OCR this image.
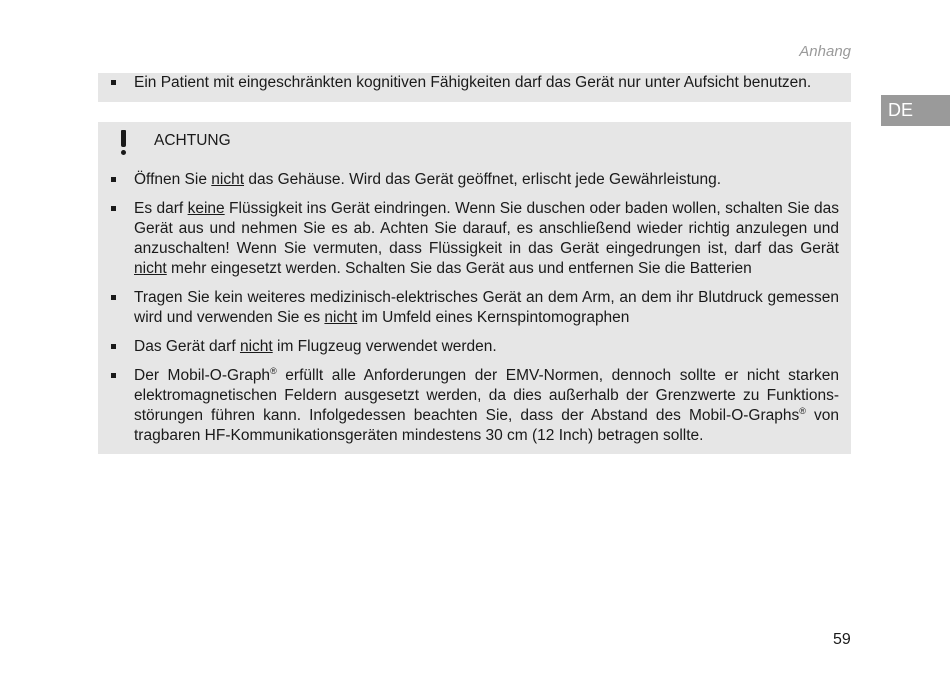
Anhang
DE
Ein Patient mit eingeschränkten kognitiven Fähigkeiten darf das Gerät nur unter Aufsicht benutzen.
ACHTUNG
Öffnen Sie nicht das Gehäuse. Wird das Gerät geöffnet, erlischt jede Gewährleistung.
Es darf keine Flüssigkeit ins Gerät eindringen. Wenn Sie duschen oder baden wollen, schalten Sie das Gerät aus und nehmen Sie es ab. Achten Sie darauf, es anschließend wieder richtig anzulegen und anzuschalten! Wenn Sie vermuten, dass Flüssigkeit in das Gerät eingedrungen ist, darf das Gerät nicht mehr eingesetzt werden. Schalten Sie das Gerät aus und entfernen Sie die Batterien
Tragen Sie kein weiteres medizinisch-elektrisches Gerät an dem Arm, an dem ihr Blutdruck gemessen wird und verwenden Sie es nicht im Umfeld eines Kernspintomographen
Das Gerät darf nicht im Flugzeug verwendet werden.
Der Mobil-O-Graph® erfüllt alle Anforderungen der EMV-Normen, dennoch sollte er nicht starken elektromagnetischen Feldern ausgesetzt werden, da dies außerhalb der Grenzwerte zu Funktions-störungen führen kann. Infolgedessen beachten Sie, dass der Abstand des Mobil-O-Graphs® von tragbaren HF-Kommunikationsgeräten mindestens 30 cm (12 Inch) betragen sollte.
59
